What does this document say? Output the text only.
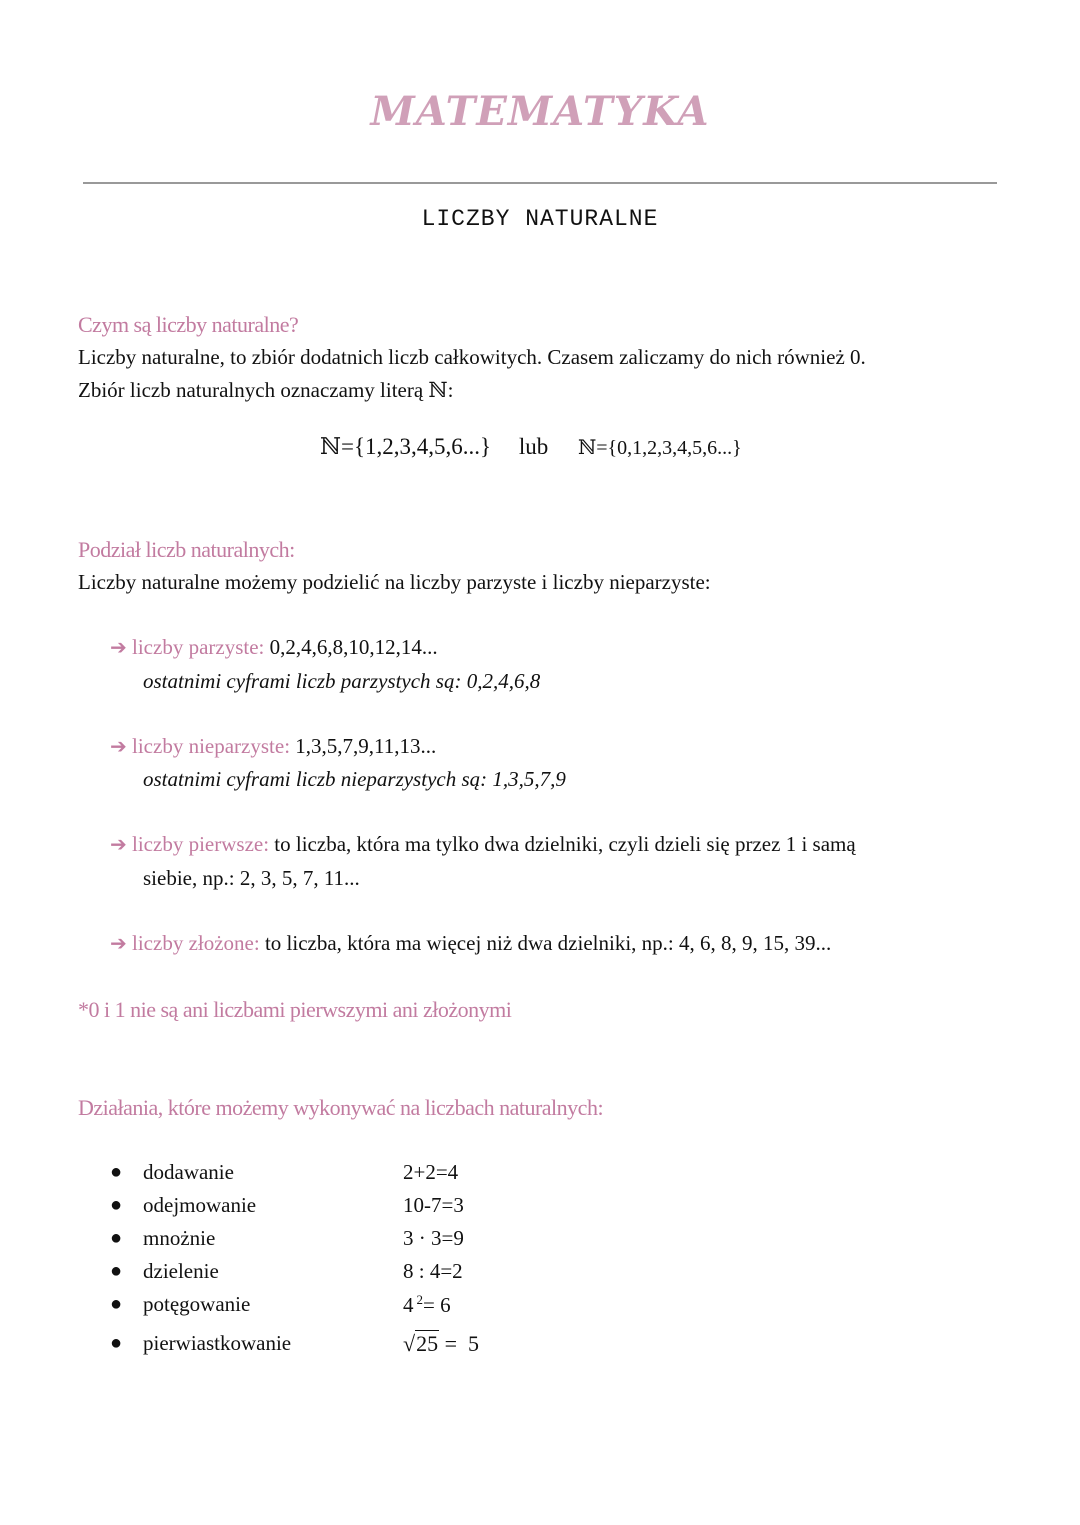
MATEMATYKA
LICZBY NATURALNE
Czym są liczby naturalne?
Liczby naturalne, to zbiór dodatnich liczb całkowitych. Czasem zaliczamy do nich również 0.
Zbiór liczb naturalnych oznaczamy literą ℕ:
ℕ={1,2,3,4,5,6...} lub ℕ={0,1,2,3,4,5,6...}
Podział liczb naturalnych:
Liczby naturalne możemy podzielić na liczby parzyste i liczby nieparzyste:
➔ liczby parzyste: 0,2,4,6,8,10,12,14...
ostatnimi cyframi liczb parzystych są: 0,2,4,6,8
➔ liczby nieparzyste: 1,3,5,7,9,11,13...
ostatnimi cyframi liczb nieparzystych są: 1,3,5,7,9
➔ liczby pierwsze: to liczba, która ma tylko dwa dzielniki, czyli dzieli się przez 1 i samą
siebie, np.: 2, 3, 5, 7, 11...
➔ liczby złożone: to liczba, która ma więcej niż dwa dzielniki, np.: 4, 6, 8, 9, 15, 39...
*0 i 1 nie są ani liczbami pierwszymi ani złożonymi
Działania, które możemy wykonywać na liczbach naturalnych:
● dodawanie	2+2=4
● odejmowanie	10-7=3
● mnożnie	3 · 3=9
● dzielenie	8 : 4=2
● potęgowanie	4 $^2$= 6
● pierwiastkowanie	√25 =  5
